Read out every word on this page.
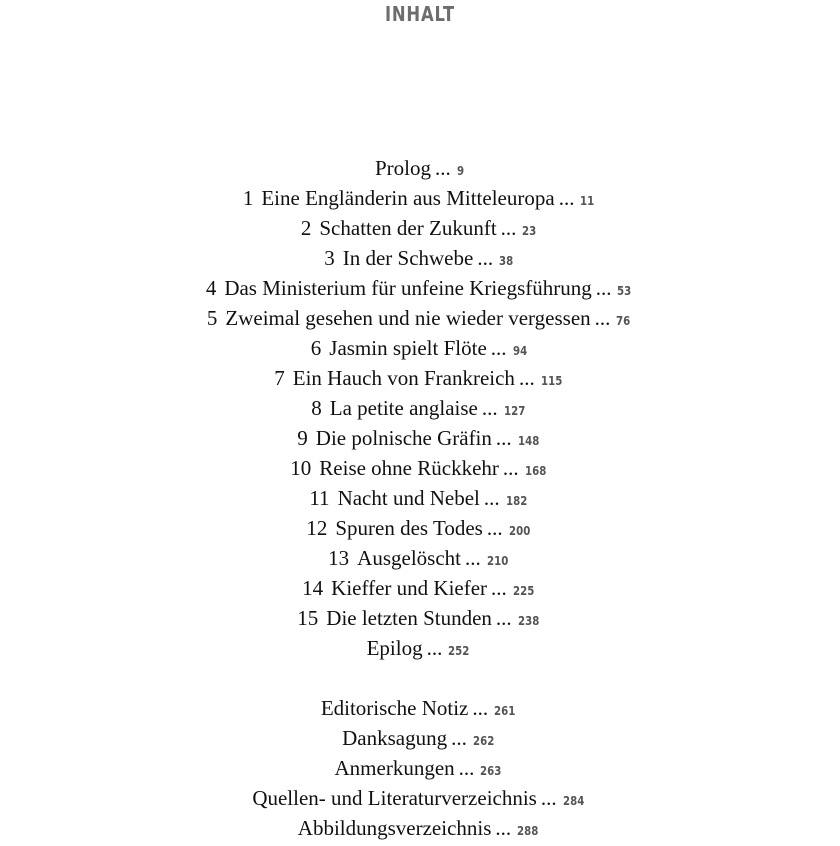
INHALT
Prolog ... 9
1 Eine Engländerin aus Mitteleuropa ... 11
2 Schatten der Zukunft ... 23
3 In der Schwebe ... 38
4 Das Ministerium für unfeine Kriegsführung ... 53
5 Zweimal gesehen und nie wieder vergessen ... 76
6 Jasmin spielt Flöte ... 94
7 Ein Hauch von Frankreich ... 115
8 La petite anglaise ... 127
9 Die polnische Gräfin ... 148
10 Reise ohne Rückkehr ... 168
11 Nacht und Nebel ... 182
12 Spuren des Todes ... 200
13 Ausgelöscht ... 210
14 Kieffer und Kiefer ... 225
15 Die letzten Stunden ... 238
Epilog ... 252
Editorische Notiz ... 261
Danksagung ... 262
Anmerkungen ... 263
Quellen- und Literaturverzeichnis ... 284
Abbildungsverzeichnis ... 288
